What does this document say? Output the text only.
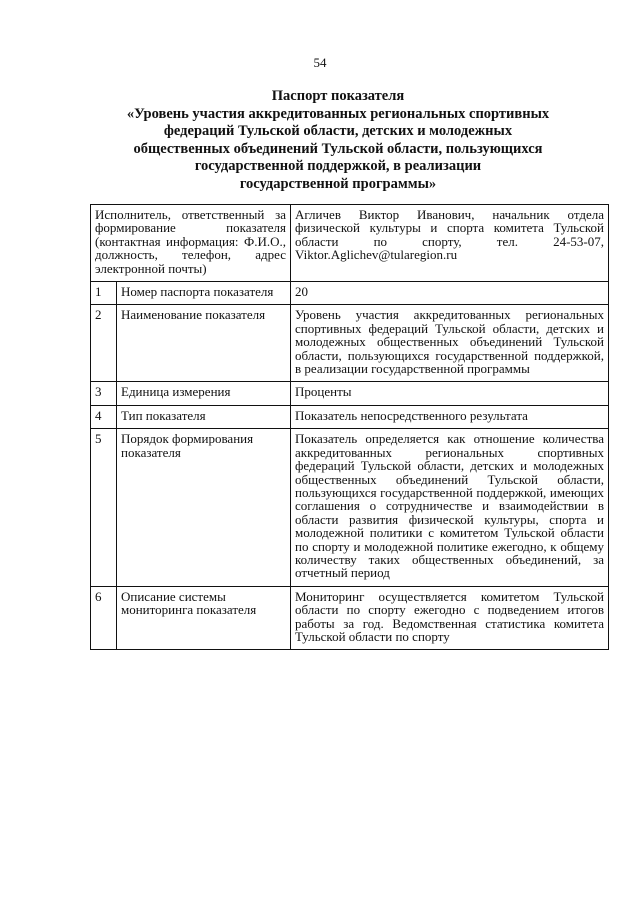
54
Паспорт показателя
«Уровень участия аккредитованных региональных спортивных
федераций Тульской области, детских и молодежных
общественных объединений Тульской области, пользующихся
государственной поддержкой, в реализации
государственной программы»
Исполнитель, ответственный за формирование показателя (контактная информация: Ф.И.О., должность, телефон, адрес электронной почты)		Агличев Виктор Иванович, начальник отдела физической культуры и спорта комитета Тульской области по спорту, тел. 24-53-07, Viktor.Aglichev@tularegion.ru
1	Номер паспорта показателя	20
2	Наименование показателя	Уровень участия аккредитованных региональных спортивных федераций Тульской области, детских и молодежных общественных объединений Тульской области, пользующихся государственной поддержкой, в реализации государственной программы
3	Единица измерения	Проценты
4	Тип показателя	Показатель непосредственного результата
5	Порядок формирования показателя	Показатель определяется как отношение количества аккредитованных региональных спортивных федераций Тульской области, детских и молодежных общественных объединений Тульской области, пользующихся государственной поддержкой, имеющих соглашения о сотрудничестве и взаимодействии в области развития физической культуры, спорта и молодежной политики с комитетом Тульской области по спорту и молодежной политике ежегодно, к общему количеству таких общественных объединений, за отчетный период
6	Описание системы мониторинга показателя	Мониторинг осуществляется комитетом Тульской области по спорту ежегодно с подведением итогов работы за год. Ведомственная статистика комитета Тульской области по спорту
